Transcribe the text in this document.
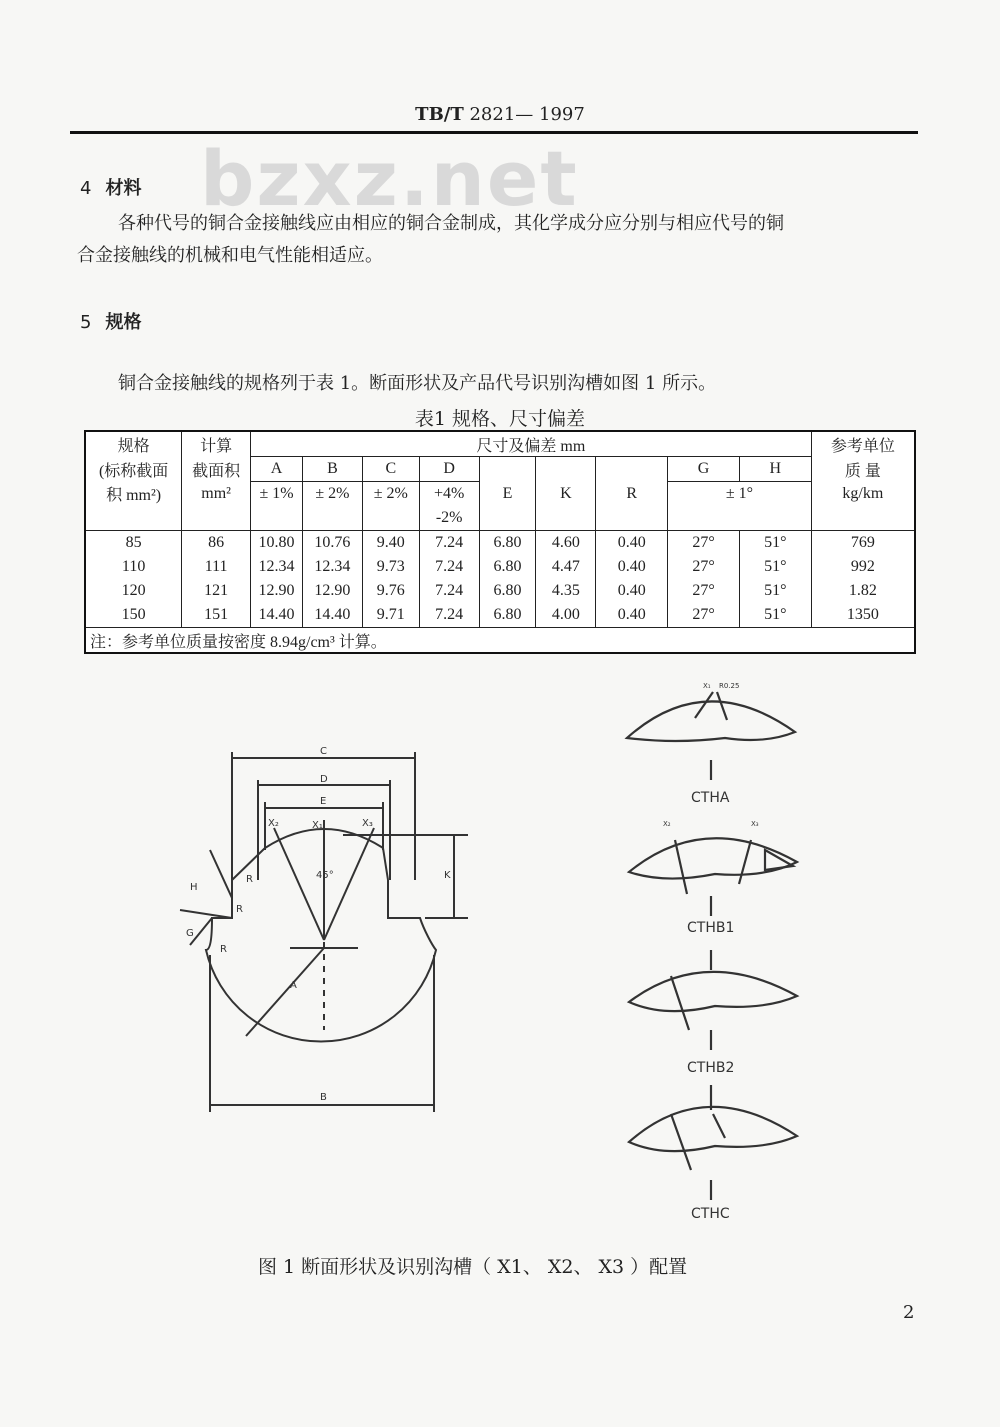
TB/T 2821— 1997
bzxz.net
4 材料
各种代号的铜合金接触线应由相应的铜合金制成，其化学成分应分别与相应代号的铜
合金接触线的机械和电气性能相适应。
5 规格
铜合金接触线的规格列于表 1。断面形状及产品代号识别沟槽如图 1 所示。
表1 规格、尺寸偏差
规格	计算	尺寸及偏差 mm									参考单位
(标称截面	截面积	A	B	C	D	E	K	R	G	H	质 量
积 mm²)	mm²	± 1%	± 2%	± 2%	+4%				± 1°		kg/km
					-2%						
85	86	10.80	10.76	9.40	7.24	6.80	4.60	0.40	27°	51°	769
110	111	12.34	12.34	9.73	7.24	6.80	4.47	0.40	27°	51°	992
120	121	12.90	12.90	9.76	7.24	6.80	4.35	0.40	27°	51°	1.82
150	151	14.40	14.40	9.71	7.24	6.80	4.00	0.40	27°	51°	1350
注：参考单位质量按密度 8.94g/cm³ 计算。											
C
D
E
X₂	X₁	X₃
K
H
R
R
G
R
A
B
45°
CTHA
CTHB1
CTHB2
CTHC
X₁ R0.25
X₂	X₃
图 1 断面形状及识别沟槽（ X1、 X2、 X3 ）配置
2
